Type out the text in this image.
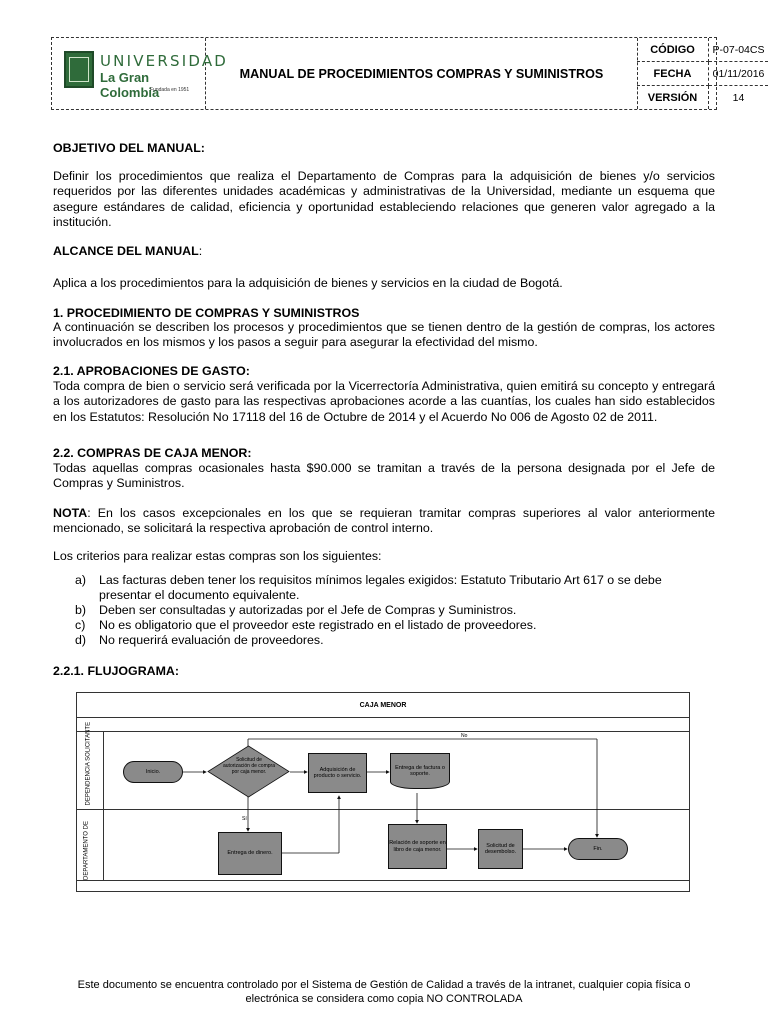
UNIVERSIDAD
La Gran Colombia
Fundada en 1951
MANUAL DE PROCEDIMIENTOS COMPRAS Y SUMINISTROS
CÓDIGO	P-07-04CS
FECHA	01/11/2016
VERSIÓN	14
OBJETIVO DEL MANUAL:
Definir los procedimientos que realiza el Departamento de Compras para la adquisición de bienes y/o servicios requeridos por las diferentes unidades académicas y administrativas de la Universidad, mediante un esquema que asegure estándares de calidad, eficiencia y oportunidad estableciendo relaciones que generen valor agregado a la institución.
ALCANCE DEL MANUAL:
Aplica a los procedimientos para la adquisición de bienes y servicios en la ciudad de Bogotá.
1. PROCEDIMIENTO DE COMPRAS Y SUMINISTROS
A continuación se describen los procesos y procedimientos que se tienen dentro de la gestión de compras, los actores involucrados en los mismos y los pasos a seguir para asegurar la efectividad del mismo.
2.1. APROBACIONES DE GASTO:
Toda compra de bien o servicio será verificada por la Vicerrectoría Administrativa, quien emitirá su concepto y entregará a los autorizadores de gasto para las respectivas aprobaciones acorde a las cuantías, los cuales han sido establecidos en los Estatutos: Resolución No 17118 del 16 de Octubre de 2014 y el Acuerdo No 006 de Agosto 02 de 2011.
2.2. COMPRAS DE CAJA MENOR:
Todas aquellas compras ocasionales hasta $90.000 se tramitan a través de la persona designada por el Jefe de Compras y Suministros.
NOTA: En los casos excepcionales en los que se requieran tramitar compras superiores al valor anteriormente mencionado, se solicitará la respectiva aprobación de control interno.
Los criterios para realizar estas compras son los siguientes:
a)	Las facturas deben tener los requisitos mínimos legales exigidos: Estatuto Tributario Art 617 o se debe presentar el documento equivalente.
b)	Deben ser consultadas y autorizadas por el Jefe de Compras y Suministros.
c)	No es obligatorio que el proveedor este registrado en el listado de proveedores.
d)	No requerirá evaluación de proveedores.
2.2.1. FLUJOGRAMA:
CAJA MENOR
DEPENDENCIA SOLICITANTE
DEPARTAMENTO DE
No
Sí
Inicio.
Solicitud de autorización de compra por caja menor.	Adquisición de producto o servicio.
Entrega de factura o soporte.
Entrega de dinero.
Relación de soporte en libro de caja menor.
Solicitud de desembolso.
Fin.
Este documento se encuentra controlado por el Sistema de Gestión de Calidad a través de la intranet, cualquier copia física o
electrónica se considera como copia NO CONTROLADA
